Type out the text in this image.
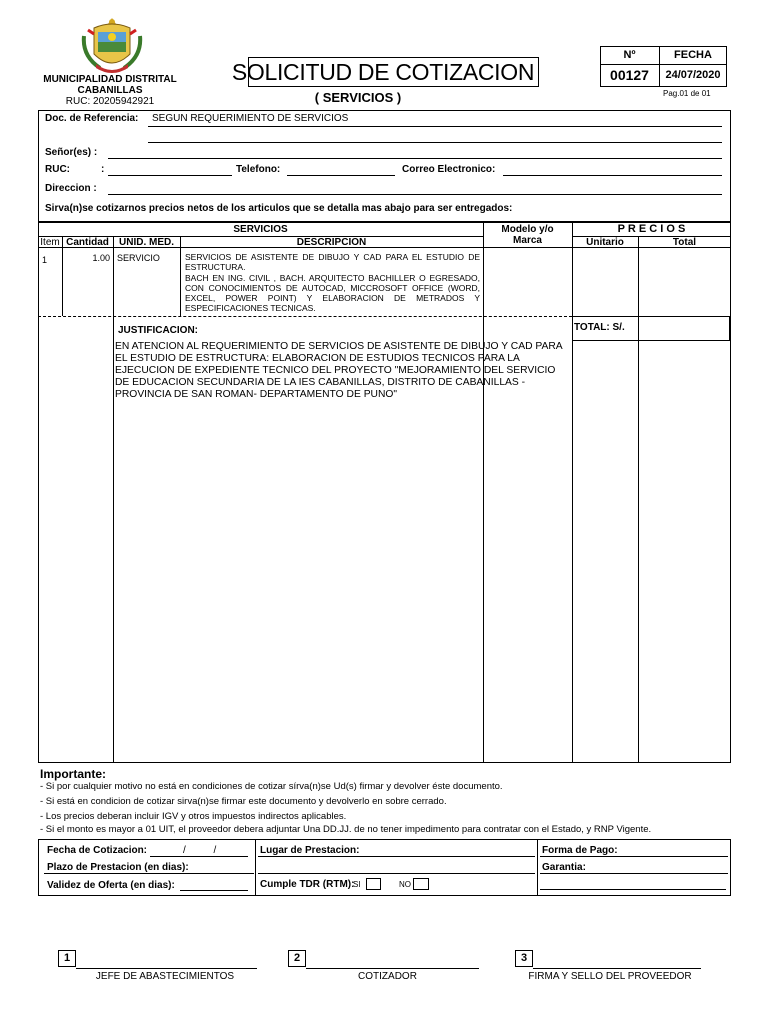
MUNICIPALIDAD DISTRITAL
CABANILLAS
RUC: 20205942921
SOLICITUD DE COTIZACION
( SERVICIOS )
Nº	FECHA
00127	24/07/2020
Pag.01 de 01
Doc. de Referencia: SEGUN REQUERIMIENTO DE SERVICIOS
Señor(es) :
RUC:	:	Telefono:	Correo Electronico:
Direccion :
Sirva(n)se cotizarnos precios netos de los articulos que se detalla mas abajo para ser entregados:
SERVICIOS	Modelo y/o
Marca
P R E C I O S
Item Cantidad	UNID. MED.	DESCRIPCION	Unitario	Total
1	1.00 SERVICIO	SERVICIOS DE ASISTENTE DE DIBUJO Y CAD PARA EL ESTUDIO DE ESTRUCTURA.
BACH EN ING. CIVIL , BACH. ARQUITECTO BACHILLER O EGRESADO, CON CONOCIMIENTOS DE AUTOCAD, MICCROSOFT OFFICE (WORD, EXCEL, POWER POINT) Y ELABORACION DE METRADOS Y ESPECIFICACIONES TECNICAS.
JUSTIFICACION:
EN ATENCION AL REQUERIMIENTO DE SERVICIOS DE ASISTENTE DE DIBUJO Y CAD PARA EL ESTUDIO DE ESTRUCTURA: ELABORACION DE ESTUDIOS TECNICOS PARA LA EJECUCION DE EXPEDIENTE TECNICO DEL PROYECTO "MEJORAMIENTO DEL SERVICIO DE EDUCACION SECUNDARIA DE LA IES CABANILLAS, DISTRITO DE CABANILLAS - PROVINCIA DE SAN ROMAN- DEPARTAMENTO DE PUNO"
TOTAL: S/.
Importante:
- Si por cualquier motivo no está en condiciones de cotizar sírva(n)se Ud(s) firmar y devolver éste documento.
- Si está en condicion de cotizar sirva(n)se firmar este documento y devolverlo en sobre cerrado.
- Los precios deberan incluir IGV y otros impuestos indirectos aplicables.
- Si el monto es mayor a 01 UIT, el proveedor debera adjuntar Una DD.JJ. de no tener impedimento para contratar con el Estado, y RNP Vigente.
Fecha de Cotizacion:	/          /
Plazo de Prestacion (en dias):
Validez de Oferta (en dias):
Lugar de Prestacion:
Cumple TDR (RTM):
SI	NO
Forma de Pago:
Garantia:
1
JEFE DE ABASTECIMIENTOS
2
COTIZADOR
3
FIRMA Y SELLO DEL PROVEEDOR
